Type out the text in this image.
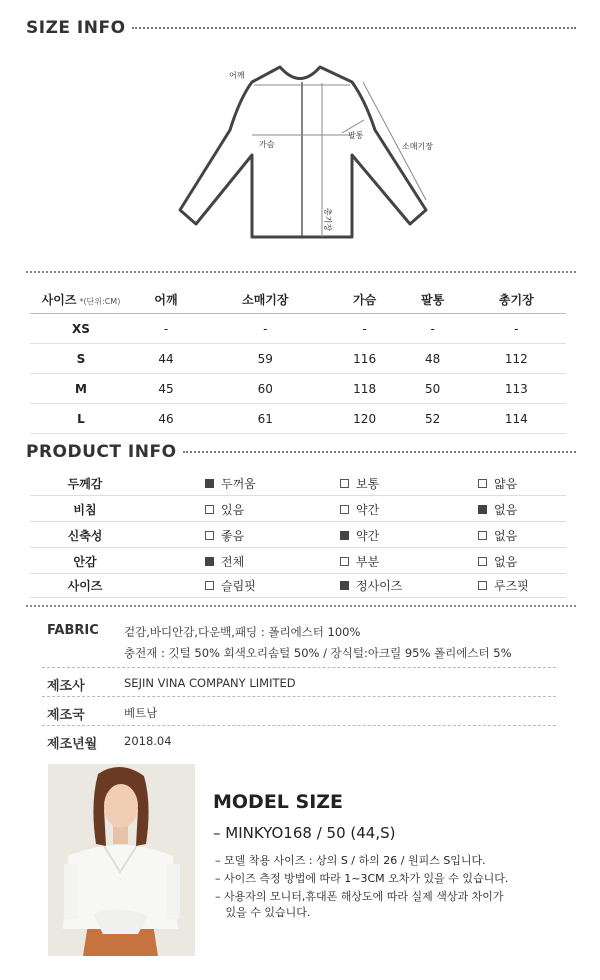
SIZE INFO
어깨
가슴
팔통
소매기장
총기장
사이즈 *(단위:CM)	어깨	소매기장	가슴	팔통	총기장
XS	-	-	-	-	-
S	44	59	116	48	112
M	45	60	118	50	113
L	46	61	120	52	114
PRODUCT INFO
두께감	두꺼움	보통	얇음
비침	있음	약간	없음
신축성	좋음	약간	없음
안감	전체	부분	없음
사이즈	슬림핏	정사이즈	루즈핏
FABRIC 겉감,바디안감,다운백,패딩 : 폴리에스터 100%
충전재 : 깃털 50% 회색오리솜털 50% / 장식털:아크릴 95% 폴리에스터 5%
제조사	SEJIN VINA COMPANY LIMITED
제조국	베트남
제조년월 2018.04
MODEL SIZE
– MINKYO168 / 50 (44,S)
– 모델 착용 사이즈 : 상의 S / 하의 26 / 원피스 S입니다.
– 사이즈 측정 방법에 따라 1~3CM 오차가 있을 수 있습니다.
– 사용자의 모니터,휴대폰 해상도에 따라 실제 색상과 차이가
있을 수 있습니다.
